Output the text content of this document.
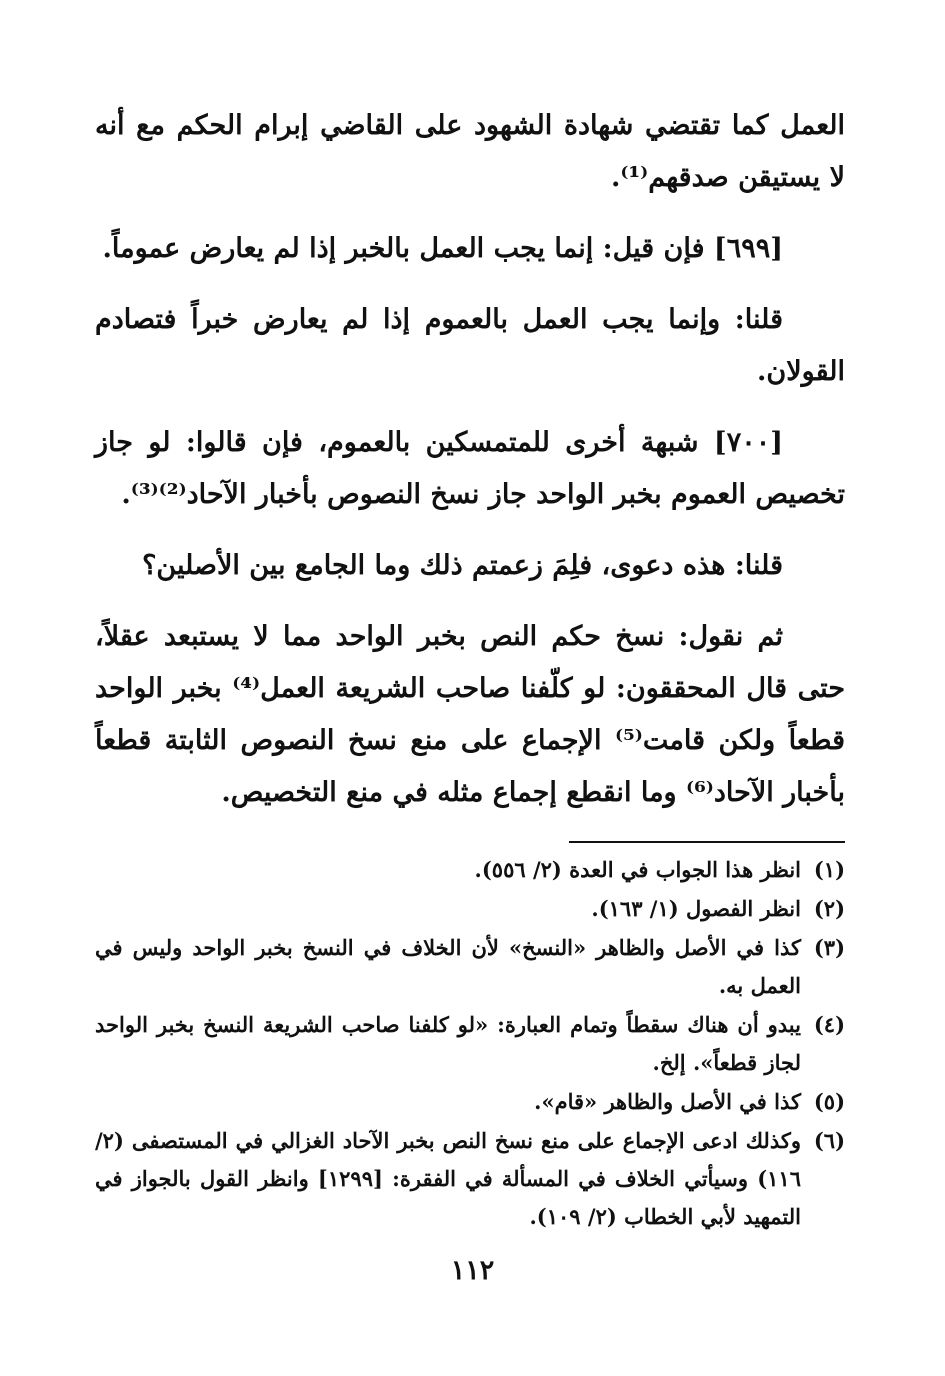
العمل كما تقتضي شهادة الشهود على القاضي إبرام الحكم مع أنه لا يستيقن صدقهم⁽¹⁾.

[٦٩٩] فإن قيل: إنما يجب العمل بالخبر إذا لم يعارض عموماً.

قلنا: وإنما يجب العمل بالعموم إذا لم يعارض خبراً فتصادم القولان.

[٧٠٠] شبهة أخرى للمتمسكين بالعموم، فإن قالوا: لو جاز تخصيص العموم بخبر الواحد جاز نسخ النصوص بأخبار الآحاد⁽²⁾⁽³⁾.

قلنا: هذه دعوى، فلِمَ زعمتم ذلك وما الجامع بين الأصلين؟

ثم نقول: نسخ حكم النص بخبر الواحد مما لا يستبعد عقلاً، حتى قال المحققون: لو كلّفنا صاحب الشريعة العمل⁽⁴⁾ بخبر الواحد قطعاً ولكن قامت⁽⁵⁾ الإجماع على منع نسخ النصوص الثابتة قطعاً بأخبار الآحاد⁽⁶⁾ وما انقطع إجماع مثله في منع التخصيص.

(١)
انظر هذا الجواب في العدة (٢/ ٥٥٦).
(٢)
انظر الفصول (١/ ١٦٣).
(٣)
كذا في الأصل والظاهر «النسخ» لأن الخلاف في النسخ بخبر الواحد وليس في العمل به.
(٤)
يبدو أن هناك سقطاً وتمام العبارة: «لو كلفنا صاحب الشريعة النسخ بخبر الواحد لجاز قطعاً». إلخ.
(٥)
كذا في الأصل والظاهر «قام».
(٦)
وكذلك ادعى الإجماع على منع نسخ النص بخبر الآحاد الغزالي في المستصفى (٢/ ١١٦) وسيأتي الخلاف في المسألة في الفقرة: [١٢٩٩] وانظر القول بالجواز في التمهيد لأبي الخطاب (٢/ ١٠٩).
١١٢
